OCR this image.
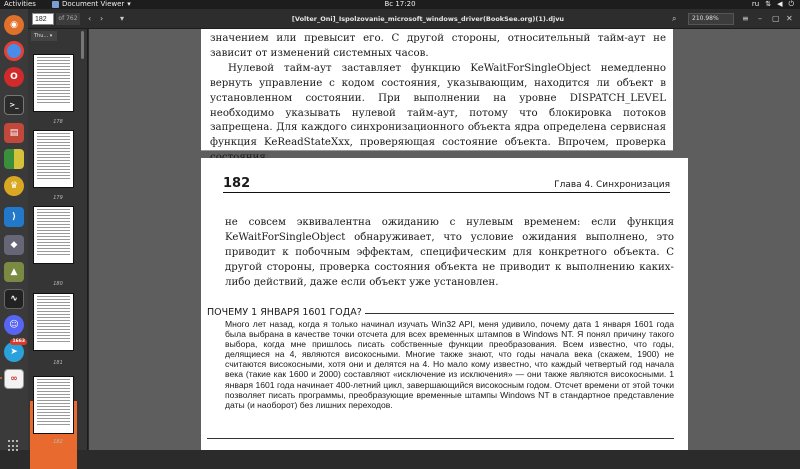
Activities	Document Viewer ▾	Вс 17:20	ru ⇅ ◀ ⏻
◉
O
>_
▤
♛
⟩
◆
▲
∿
☺
➤
1663
∞
182
of 762	‹ › ▾	[Volter_Oni]_Ispolzovanie_microsoft_windows_driver(BookSee.org)(1).djvu	⌕	210.98%	≡ – ▢ ✕
Thu... ▾
178
179
180
181
182

значением или превысит его. С другой стороны, относительный тайм-аут не зависит от изменений системных часов.

Нулевой тайм-аут заставляет функцию KeWaitForSingleObject немедленно вернуть управление с кодом состояния, указывающим, находится ли объект в установленном состоянии. При выполнении на уровне DISPATCH_LEVEL необходимо указывать нулевой тайм-аут, потому что блокировка потоков запрещена. Для каждого синхронизационного объекта ядра определена сервисная функция KeReadStateXxx, проверяющая состояние объекта. Впрочем, проверка

182	Глава 4. Синхронизация

не совсем эквивалентна ожиданию с нулевым временем: если функция KeWaitForSingleObject обнаруживает, что условие ожидания выполнено, это приводит к побочным эффектам, специфическим для конкретного объекта. С другой стороны, проверка состояния объекта не приводит к выполнению каких-либо действий, даже если объект уже установлен.

ПОЧЕМУ 1 ЯНВАРЯ 1601 ГОДА?
Много лет назад, когда я только начинал изучать Win32 API, меня удивило, почему дата 1 января 1601 года была выбрана в качестве точки отсчета для всех временных штампов в Windows NT. Я понял причину такого выбора, когда мне пришлось писать собственные функции преобразования. Всем известно, что годы, делящиеся на 4, являются високосными. Многие также знают, что годы начала века (скажем, 1900) не считаются високосными, хотя они и делятся на 4. Но мало кому известно, что каждый четвертый год начала века (такие как 1600 и 2000) составляют «исключение из исключения» — они также являются високосными. 1 января 1601 года начинает 400-летний цикл, завершающийся високосным годом. Отсчет времени от этой точки позволяет писать программы, преобразующие временные штампы Windows NT в стандартное представление даты (и наоборот) без лишних переходов.
